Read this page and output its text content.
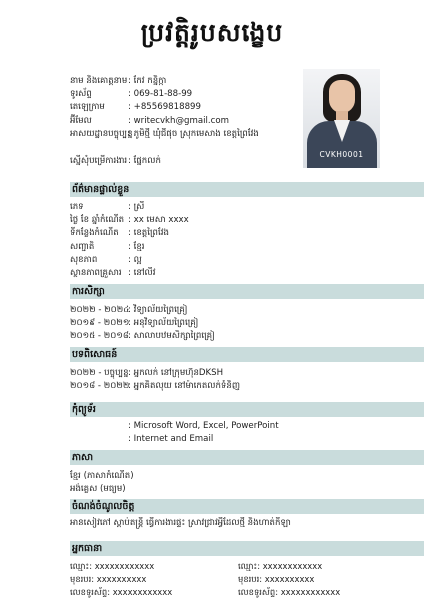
ប្រវត្តិរូបសង្ខេប
នាម និងគោត្តនាម : កែវ កន្និក្កា
ទូរស័ព្ទ	: 069-81-88-99
តេឡេក្រាម	: +85569818899
អ៊ីមែល	: writecvkh@gmail.com
អាសយដ្ឋានបច្ចុប្បន្ន
: ភូមិថ្មី ឃុំជីផុច ស្រុកមេសាង ខេត្តព្រៃវែង
CVKH0001
ស្នើសុំបម្រើការងារ : ផ្នែកលក់
ព័ត៌មានផ្ទាល់ខ្លួន
ភេទ	: ស្រី
ថ្ងៃ ខែ ឆ្នាំកំណើត : xx មេសា xxxx
ទីកន្លែងកំណើត	: ខេត្តព្រៃវែង
សញ្ជាតិ	: ខ្មែរ
សុខភាព	: ល្អ
ស្ថានភាពគ្រួសារ : នៅលីវ
ការសិក្សា
២០២២ - ២០២៤
: វិទ្យាល័យព្រៃគ្រៀ
២០១៩ - ២០២១
: អនុវិទ្យាល័យព្រៃគ្រៀ
២០១៥ - ២០១៨ : សាលាបឋមសិក្សាព្រៃគ្រៀ
បទពិសោធន៍
២០២២ - បច្ចុប្បន្ន : អ្នកលក់ នៅក្រុមហ៊ុនDKSH
២០១៨ - ២០២២
: អ្នកគិតលុយ នៅម៉ាកេតលក់ទំនិញ
កុំព្យូទ័រ
: Microsoft Word, Excel, PowerPoint
: Internet and Email
ភាសា
ខ្មែរ (ភាសាកំណើត)
អង់គ្លេស (មធ្យម)
ចំណង់ចំណូលចិត្ត
អានសៀវភៅ ស្តាប់តន្ត្រី ធ្វើការងារផ្ទះ ស្រាវជ្រាវអ្វីដែលថ្មី និងហាត់កីឡា
អ្នកធានា
ឈ្មោះ: xxxxxxxxxxxx
មុខរបរ: xxxxxxxxxx
លេខទូរស័ព្ទ: xxxxxxxxxxxx
ឈ្មោះ: xxxxxxxxxxxx
មុខរបរ: xxxxxxxxxx
លេខទូរស័ព្ទ: xxxxxxxxxxxx
